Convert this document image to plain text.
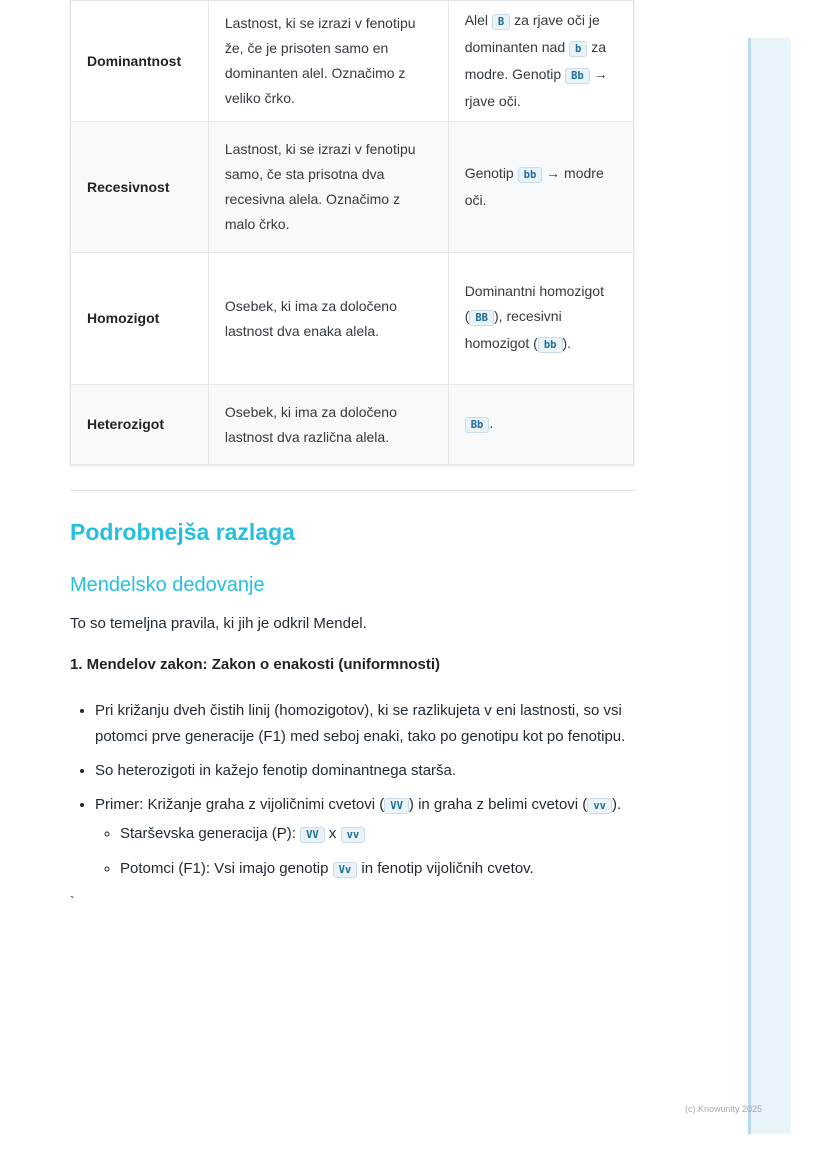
Dominantnost	Lastnost, ki se izrazi v fenotipu že, če je prisoten samo en dominanten alel. Označimo z veliko črko.	Alel B za rjave oči je dominanten nad b za modre. Genotip Bb → rjave oči.
Recesivnost	Lastnost, ki se izrazi v fenotipu samo, če sta prisotna dva recesivna alela. Označimo z malo črko.	Genotip bb → modre oči.
Homozigot	Osebek, ki ima za določeno lastnost dva enaka alela.	Dominantni homozigot ( BB ), recesivni homozigot ( bb ).
Heterozigot	Osebek, ki ima za določeno lastnost dva različna alela.	Bb .
Podrobnejša razlaga
Mendelsko dedovanje

To so temeljna pravila, ki jih je odkril Mendel.

1. Mendelov zakon: Zakon o enakosti (uniformnosti)

• Pri križanju dveh čistih linij (homozigotov), ki se razlikujeta v eni lastnosti, so vsi potomci prve generacije (F1) med seboj enaki, tako po genotipu kot po fenotipu.
• So heterozigoti in kažejo fenotip dominantnega starša.
• Primer: Križanje graha z vijoličnimi cvetovi ( VV ) in graha z belimi cvetovi ( vv ).
◦ Starševska generacija (P): VV x vv
◦ Potomci (F1): Vsi imajo genotip Vv in fenotip vijoličnih cvetov.
`
(c) Knowunity 2025
